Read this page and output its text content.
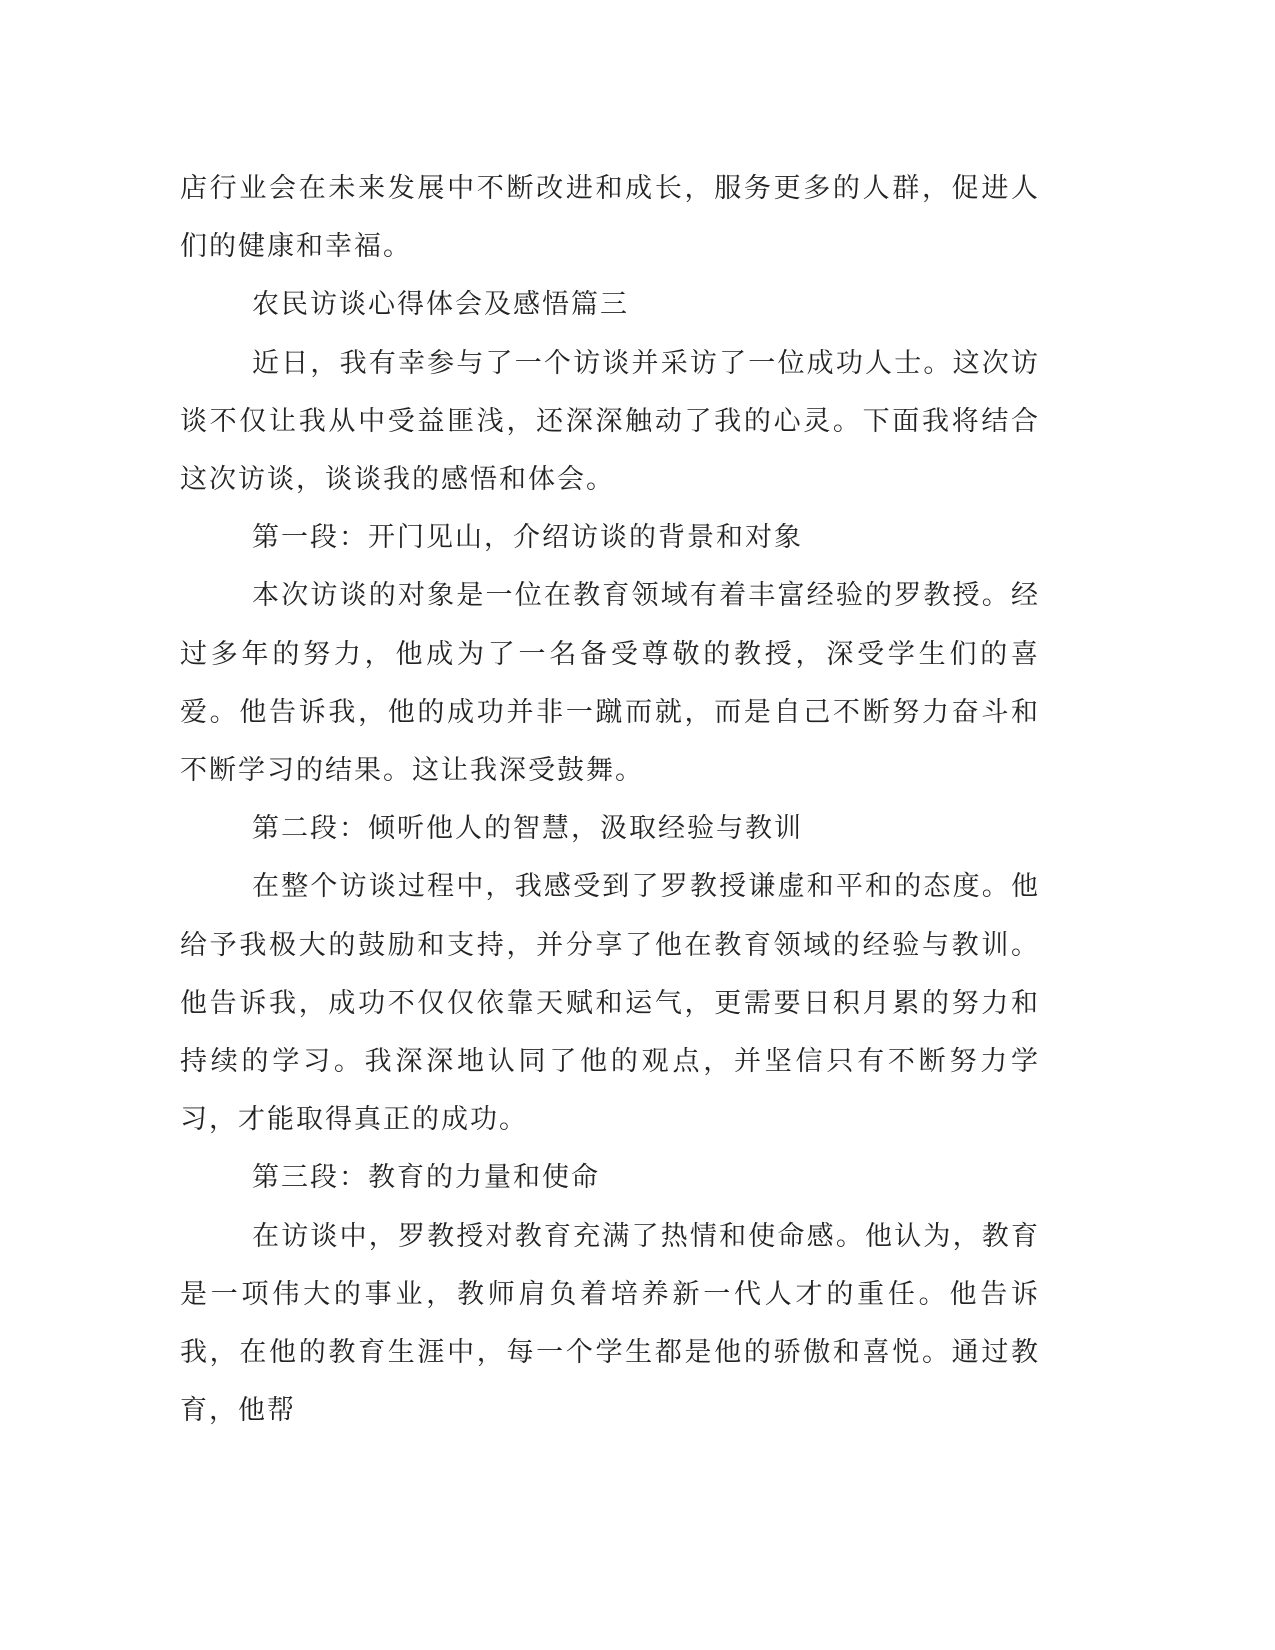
店行业会在未来发展中不断改进和成长，服务更多的人群，促进人们的健康和幸福。

农民访谈心得体会及感悟篇三

近日，我有幸参与了一个访谈并采访了一位成功人士。这次访谈不仅让我从中受益匪浅，还深深触动了我的心灵。下面我将结合这次访谈，谈谈我的感悟和体会。

第一段：开门见山，介绍访谈的背景和对象

本次访谈的对象是一位在教育领域有着丰富经验的罗教授。经过多年的努力，他成为了一名备受尊敬的教授，深受学生们的喜爱。他告诉我，他的成功并非一蹴而就，而是自己不断努力奋斗和不断学习的结果。这让我深受鼓舞。

第二段：倾听他人的智慧，汲取经验与教训

在整个访谈过程中，我感受到了罗教授谦虚和平和的态度。他给予我极大的鼓励和支持，并分享了他在教育领域的经验与教训。他告诉我，成功不仅仅依靠天赋和运气，更需要日积月累的努力和持续的学习。我深深地认同了他的观点，并坚信只有不断努力学习，才能取得真正的成功。

第三段：教育的力量和使命

在访谈中，罗教授对教育充满了热情和使命感。他认为，教育是一项伟大的事业，教师肩负着培养新一代人才的重任。他告诉我，在他的教育生涯中，每一个学生都是他的骄傲和喜悦。通过教育，他帮
